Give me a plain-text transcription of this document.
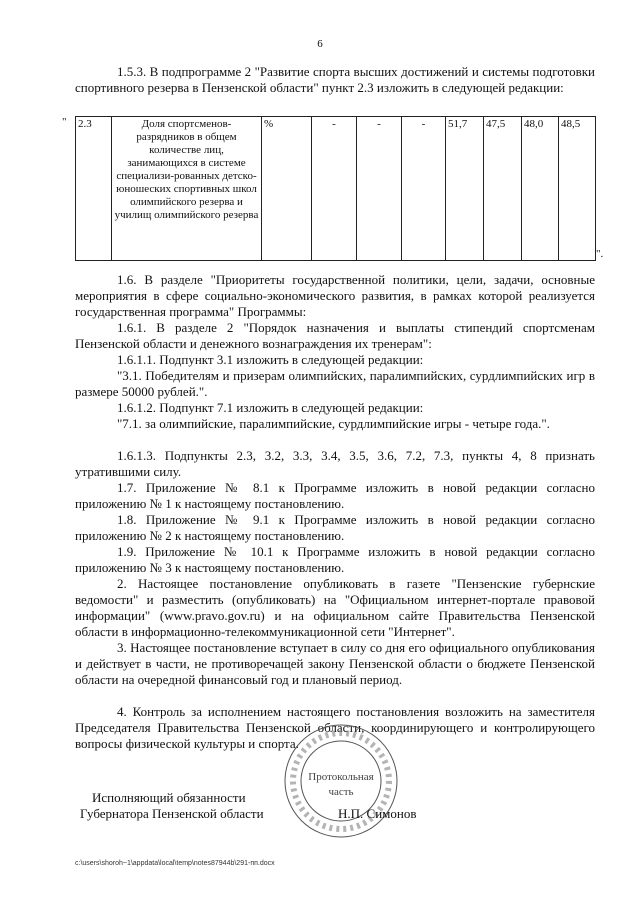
6
1.5.3. В подпрограмме 2 "Развитие спорта высших достижений и системы подготовки спортивного резерва в Пензенской области" пункт 2.3 изложить в следующей редакции:
" 2.3	Доля спортсменов-разрядников в общем количестве лиц, занимающихся в системе специализи-рованных детско-юношеских спортивных школ олимпийского резерва и училищ олимпийского резерва	%	-	-	-	51,7	47,5	48,0	48,5
".
1.6. В разделе "Приоритеты государственной политики, цели, задачи, основные мероприятия в сфере социально-экономического развития, в рамках которой реализуется государственная программа" Программы:
1.6.1. В разделе 2 "Порядок назначения и выплаты стипендий спортсменам Пензенской области и денежного вознаграждения их тренерам":
1.6.1.1. Подпункт 3.1 изложить в следующей редакции:
"3.1. Победителям и призерам олимпийских, паралимпийских, сурдлимпийских игр в размере 50000 рублей.".
1.6.1.2. Подпункт 7.1 изложить в следующей редакции:
"7.1. за олимпийские, паралимпийские, сурдлимпийские игры - четыре года.".
1.6.1.3. Подпункты 2.3, 3.2, 3.3, 3.4, 3.5, 3.6, 7.2, 7.3, пункты 4, 8 признать утратившими силу.
1.7. Приложение № 8.1 к Программе изложить в новой редакции согласно приложению № 1 к настоящему постановлению.
1.8. Приложение № 9.1 к Программе изложить в новой редакции согласно приложению № 2 к настоящему постановлению.
1.9. Приложение № 10.1 к Программе изложить в новой редакции согласно приложению № 3 к настоящему постановлению.
2. Настоящее постановление опубликовать в газете "Пензенские губернские ведомости" и разместить (опубликовать) на "Официальном интернет-портале правовой информации" (www.pravo.gov.ru) и на официальном сайте Правительства Пензенской области в информационно-телекоммуникационной сети "Интернет".
3. Настоящее постановление вступает в силу со дня его официального опубликования и действует в части, не противоречащей закону Пензенской области о бюджете Пензенской области на очередной финансовый год и плановый период.
4. Контроль за исполнением настоящего постановления возложить на заместителя Председателя Правительства Пензенской области, координирующего и контролирующего вопросы физической культуры и спорта.
Протокольная
часть
Исполняющий обязанности
Губернатора Пензенской области	Н.П. Симонов
c:\users\shoroh~1\appdata\local\temp\notes87944b\291-пп.docx
